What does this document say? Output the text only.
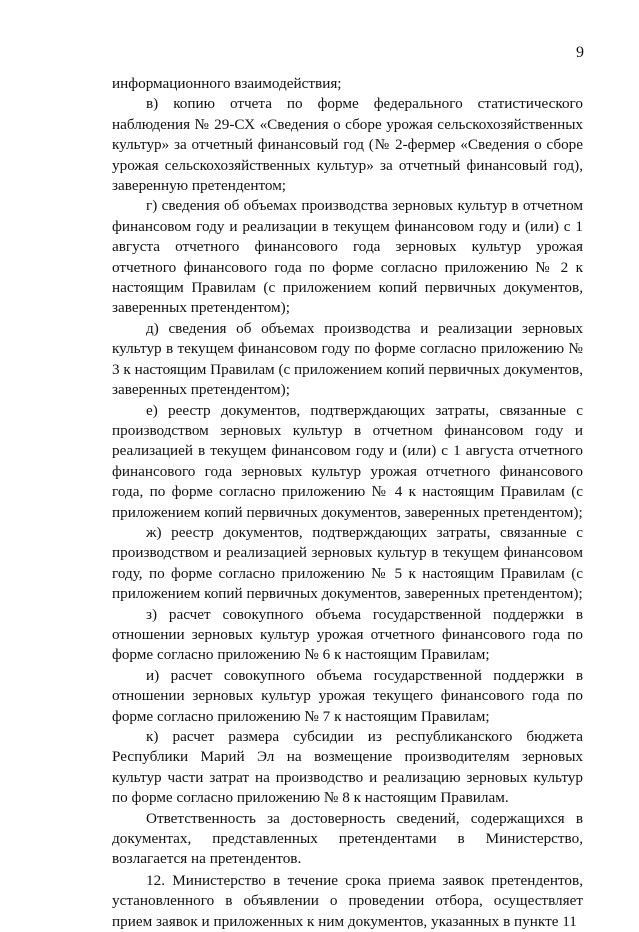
9

информационного взаимодействия;

в) копию отчета по форме федерального статистического наблюдения № 29-СХ «Сведения о сборе урожая сельскохозяйственных культур» за отчетный финансовый год (№ 2-фермер «Сведения о сборе урожая сельскохозяйственных культур» за отчетный финансовый год), заверенную претендентом;

г) сведения об объемах производства зерновых культур в отчетном финансовом году и реализации в текущем финансовом году и (или) с 1 августа отчетного финансового года зерновых культур урожая отчетного финансового года по форме согласно приложению № 2 к настоящим Правилам (с приложением копий первичных документов, заверенных претендентом);

д) сведения об объемах производства и реализации зерновых культур в текущем финансовом году по форме согласно приложению № 3 к настоящим Правилам (с приложением копий первичных документов, заверенных претендентом);

е) реестр документов, подтверждающих затраты, связанные с производством зерновых культур в отчетном финансовом году и реализацией в текущем финансовом году и (или) с 1 августа отчетного финансового года зерновых культур урожая отчетного финансового года, по форме согласно приложению № 4 к настоящим Правилам (с приложением копий первичных документов, заверенных претендентом);

ж) реестр документов, подтверждающих затраты, связанные с производством и реализацией зерновых культур в текущем финансовом году, по форме согласно приложению № 5 к настоящим Правилам (с приложением копий первичных документов, заверенных претендентом);

з) расчет совокупного объема государственной поддержки в отношении зерновых культур урожая отчетного финансового года по форме согласно приложению № 6 к настоящим Правилам;

и) расчет совокупного объема государственной поддержки в отношении зерновых культур урожая текущего финансового года по форме согласно приложению № 7 к настоящим Правилам;

к) расчет размера субсидии из республиканского бюджета Республики Марий Эл на возмещение производителям зерновых культур части затрат на производство и реализацию зерновых культур по форме согласно приложению № 8 к настоящим Правилам.

Ответственность за достоверность сведений, содержащихся в документах, представленных претендентами в Министерство, возлагается на претендентов.

12. Министерство в течение срока приема заявок претендентов, установленного в объявлении о проведении отбора, осуществляет прием заявок и приложенных к ним документов, указанных в пункте 11
